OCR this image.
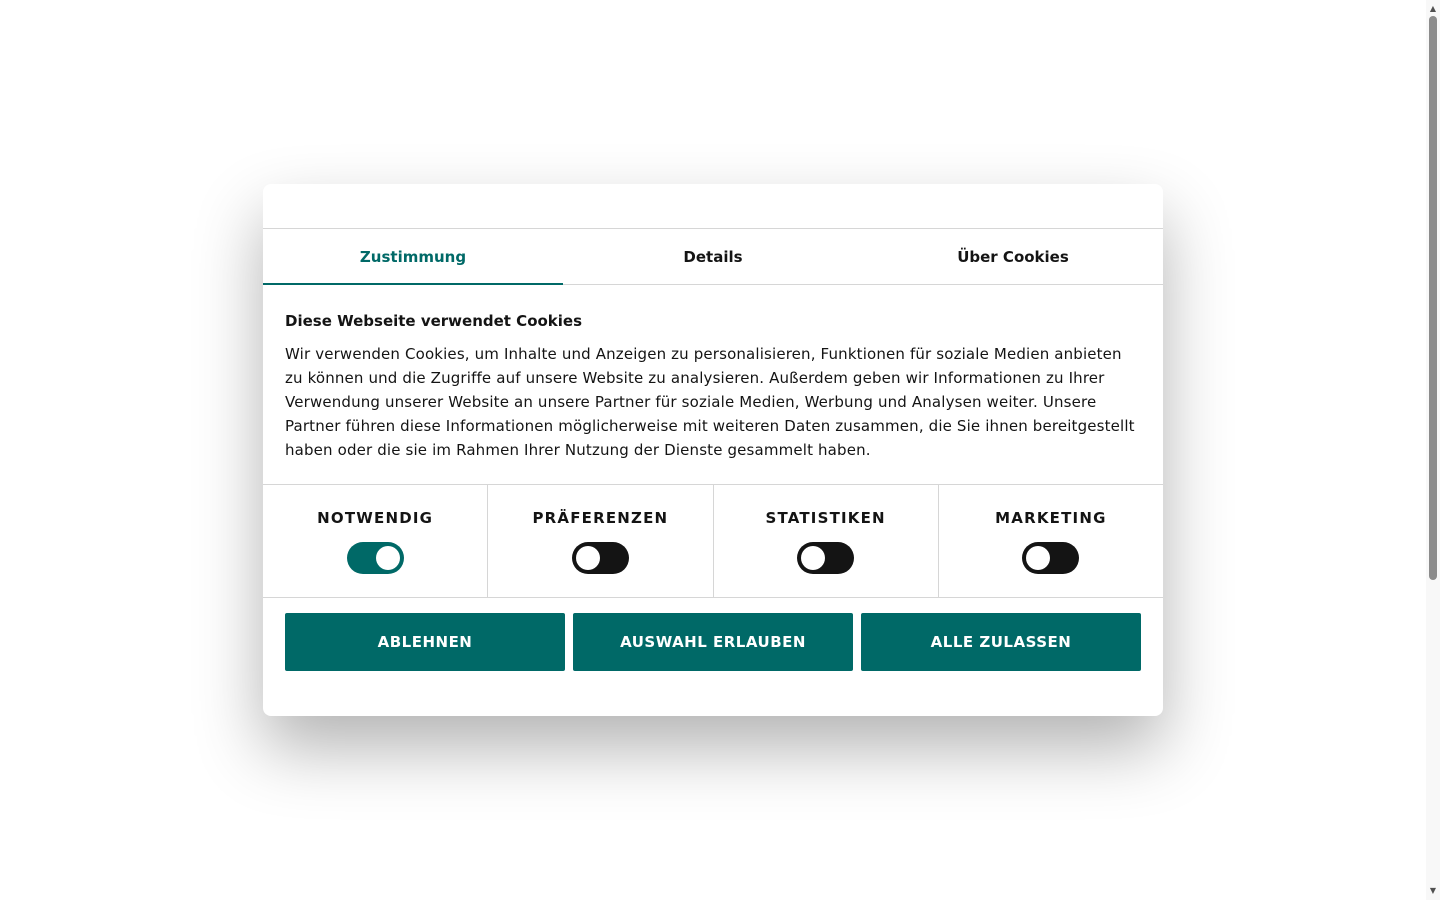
Zustimmung	Details	Über Cookies
Diese Webseite verwendet Cookies

Wir verwenden Cookies, um Inhalte und Anzeigen zu personalisieren, Funktionen für soziale Medien anbieten zu können und die Zugriffe auf unsere Website zu analysieren. Außerdem geben wir Informationen zu Ihrer Verwendung unserer Website an unsere Partner für soziale Medien, Werbung und Analysen weiter. Unsere Partner führen diese Informationen möglicherweise mit weiteren Daten zusammen, die Sie ihnen bereitgestellt haben oder die sie im Rahmen Ihrer Nutzung der Dienste gesammelt haben.

NOTWENDIG	PRÄFERENZEN	STATISTIKEN	MARKETING
ABLEHNEN	AUSWAHL ERLAUBEN	ALLE ZULASSEN
▲
▼
